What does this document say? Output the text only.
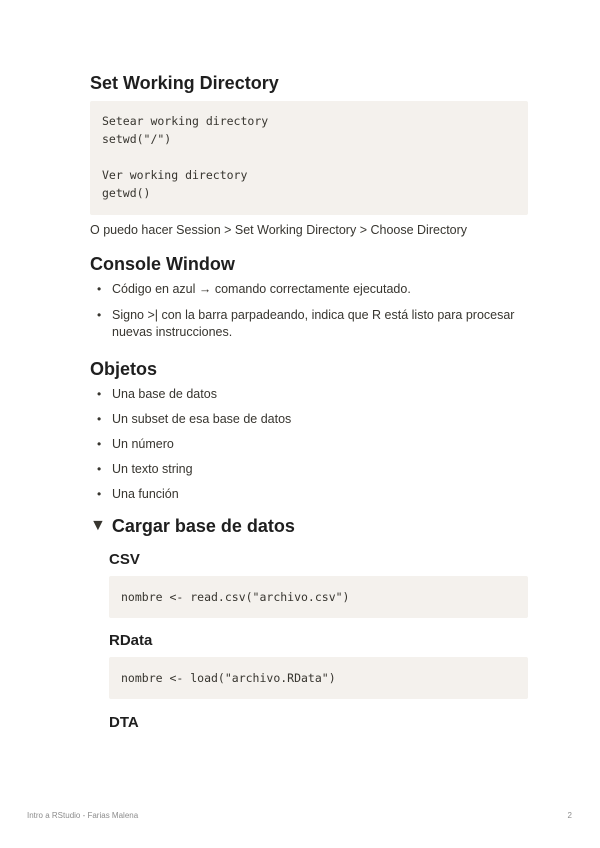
Set Working Directory
Setear working directory
setwd("/")
Ver working directory
getwd()
O puedo hacer Session > Set Working Directory > Choose Directory
Console Window
• Código en azul → comando correctamente ejecutado.
• Signo >| con la barra parpadeando, indica que R está listo para procesar nuevas instrucciones.
Objetos
• Una base de datos
• Un subset de esa base de datos
• Un número
• Un texto string
• Una función
▼ Cargar base de datos
CSV
nombre <- read.csv("archivo.csv")
RData
nombre <- load("archivo.RData")
DTA
Intro a RStudio - Farias Malena	2
